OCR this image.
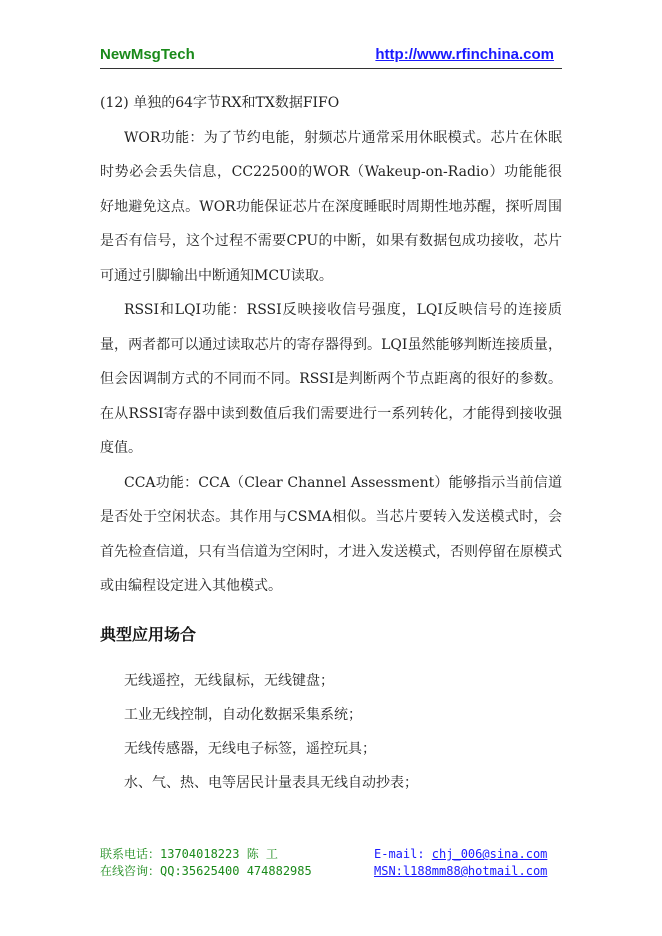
NewMsgTech	http://www.rfinchina.com

(12) 单独的64字节RX和TX数据FIFO

WOR功能：为了节约电能，射频芯片通常采用休眠模式。芯片在休眠时势必会丢失信息，CC22500的WOR（Wakeup-on-Radio）功能能很好地避免这点。WOR功能保证芯片在深度睡眠时周期性地苏醒，探听周围是否有信号，这个过程不需要CPU的中断，如果有数据包成功接收，芯片可通过引脚输出中断通知MCU读取。

RSSI和LQI功能：RSSI反映接收信号强度，LQI反映信号的连接质量，两者都可以通过读取芯片的寄存器得到。LQI虽然能够判断连接质量，但会因调制方式的不同而不同。RSSI是判断两个节点距离的很好的参数。在从RSSI寄存器中读到数值后我们需要进行一系列转化，才能得到接收强度值。

CCA功能：CCA（Clear Channel Assessment）能够指示当前信道是否处于空闲状态。其作用与CSMA相似。当芯片要转入发送模式时，会首先检查信道，只有当信道为空闲时，才进入发送模式，否则停留在原模式或由编程设定进入其他模式。

典型应用场合
无线遥控，无线鼠标，无线键盘；
工业无线控制，自动化数据采集系统；
无线传感器，无线电子标签，遥控玩具；
水、气、热、电等居民计量表具无线自动抄表；
联系电话：13704018223 陈 工	E-mail: chj_006@sina.com
在线咨询：QQ:35625400 474882985	MSN:l188mm88@hotmail.com
